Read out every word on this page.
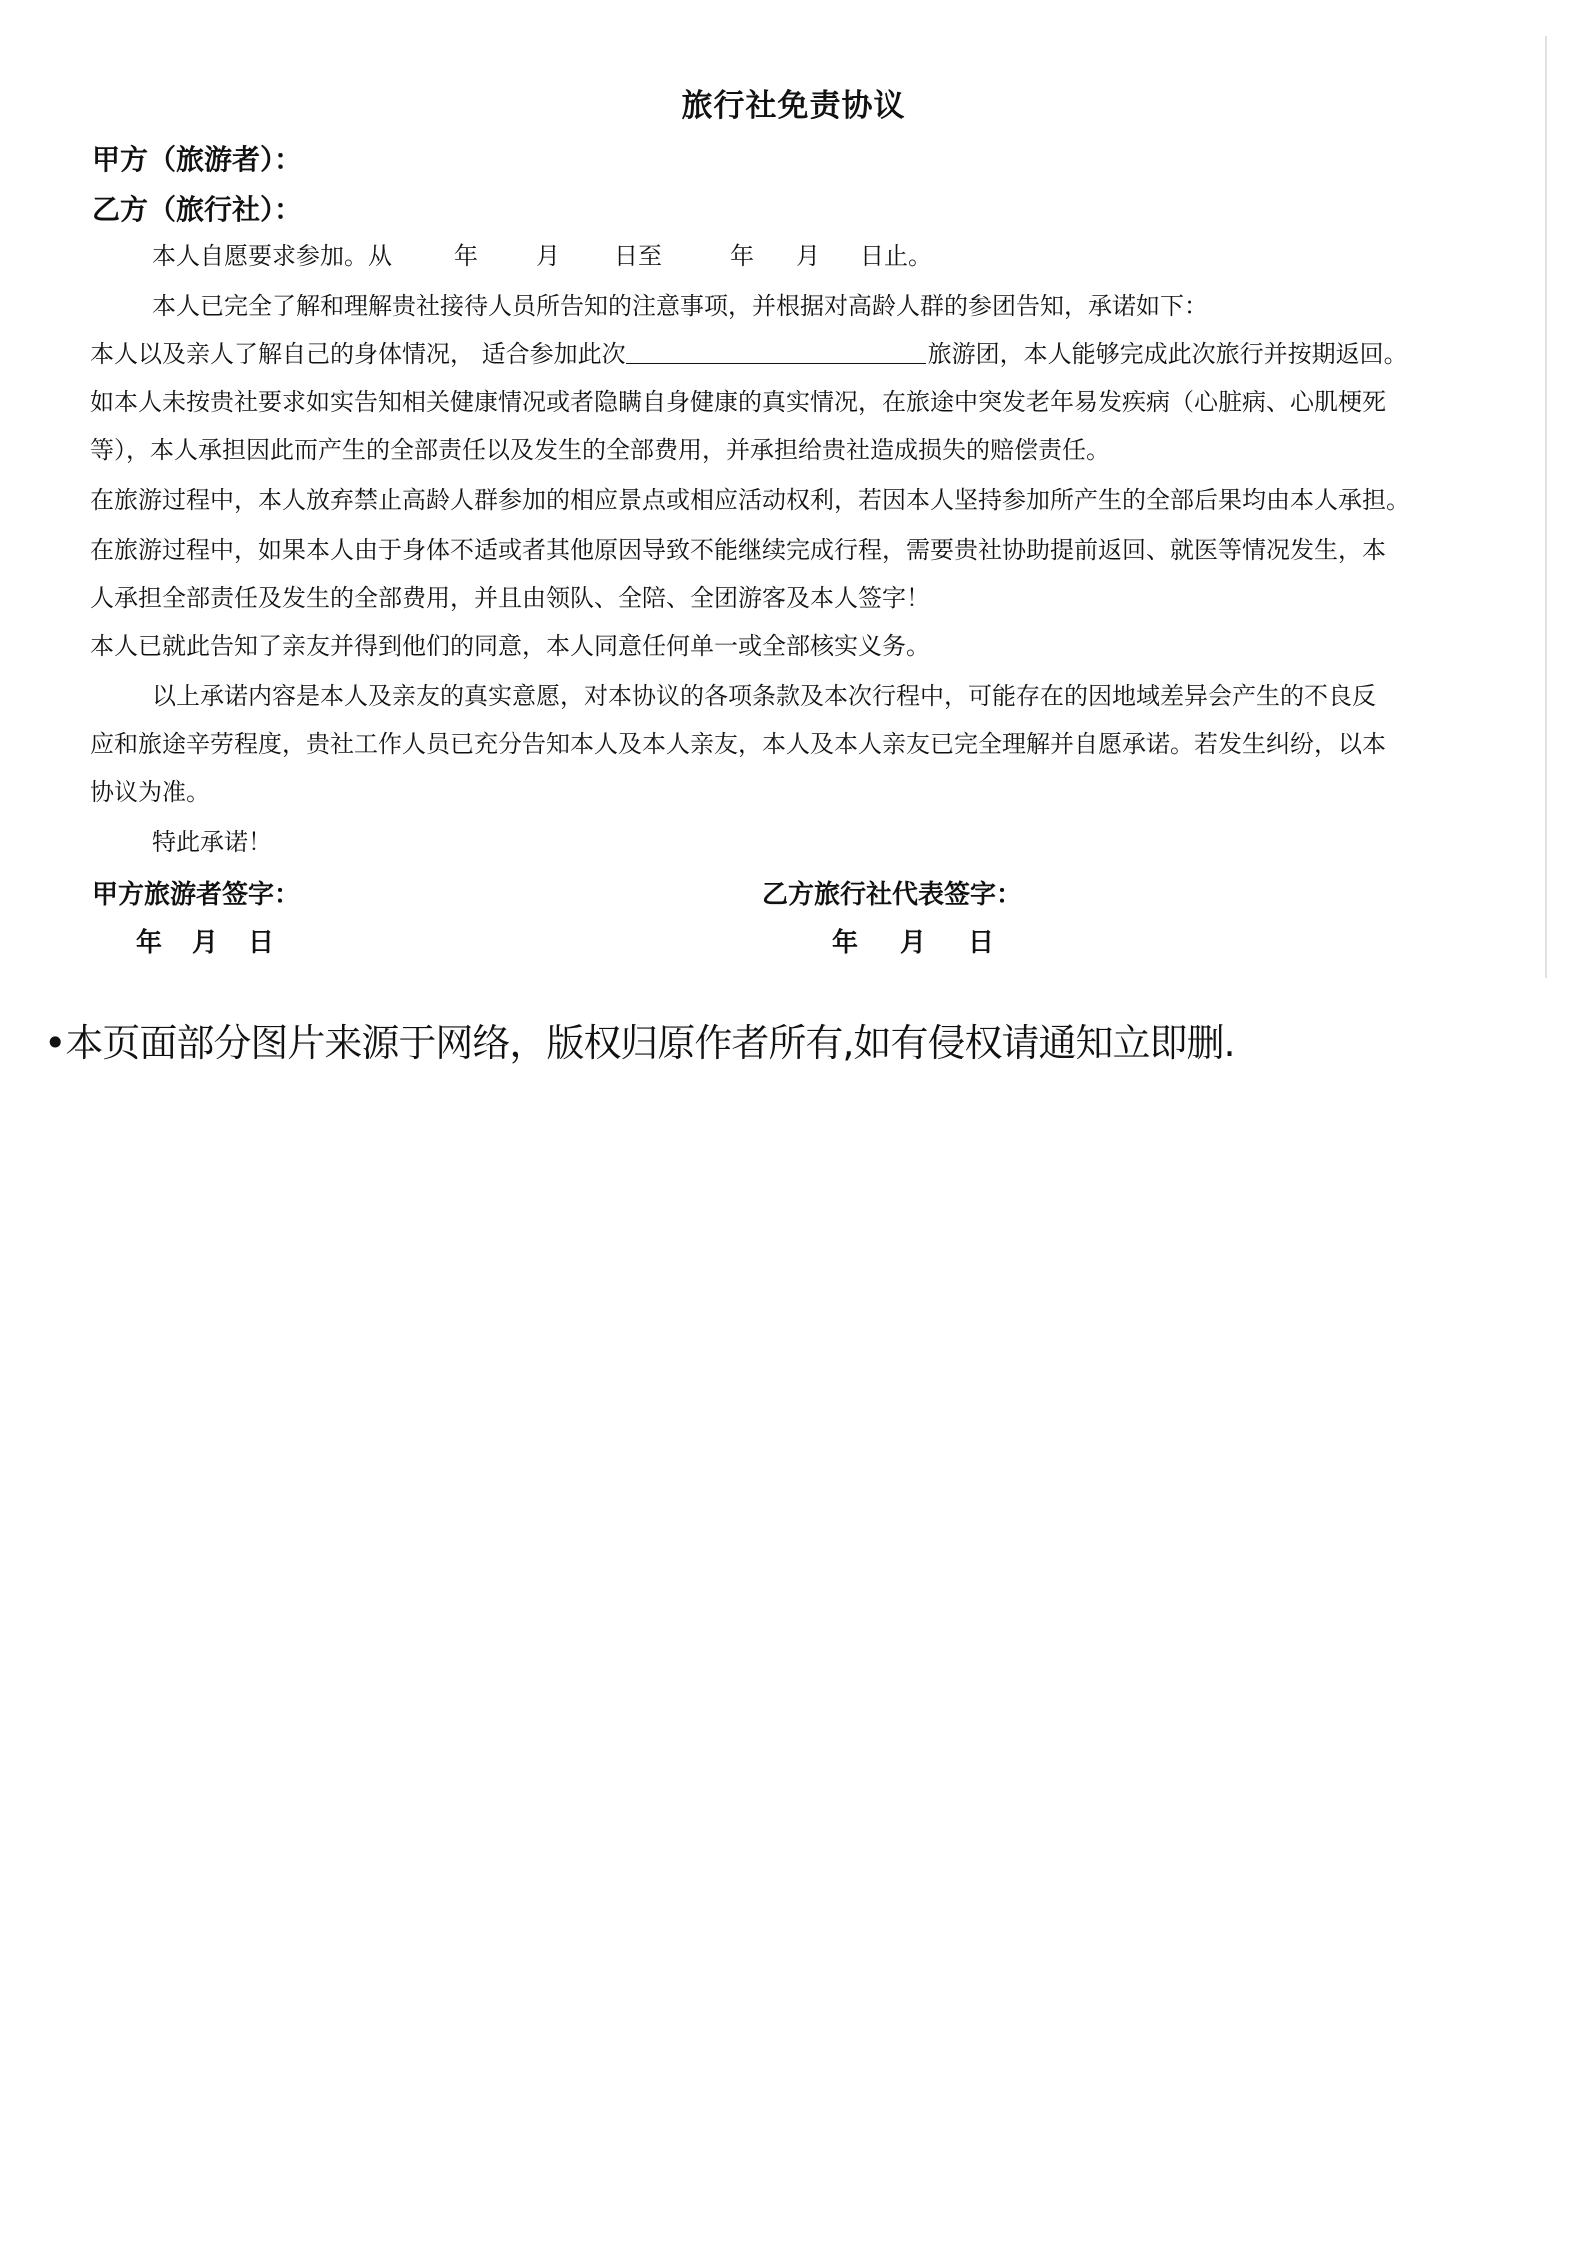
旅行社免责协议
甲方（旅游者）：
乙方（旅行社）：
本人自愿要求参加。从	年 月 日至	年 月 日止。
本人已完全了解和理解贵社接待人员所告知的注意事项，并根据对高龄人群的参团告知，承诺如下：
本人以及亲人了解自己的身体情况， 适合参加此次	旅游团，本人能够完成此次旅行并按期返回。
如本人未按贵社要求如实告知相关健康情况或者隐瞒自身健康的真实情况，在旅途中突发老年易发疾病（心脏病、心肌梗死
等），本人承担因此而产生的全部责任以及发生的全部费用，并承担给贵社造成损失的赔偿责任。
在旅游过程中，本人放弃禁止高龄人群参加的相应景点或相应活动权利，若因本人坚持参加所产生的全部后果均由本人承担。
在旅游过程中，如果本人由于身体不适或者其他原因导致不能继续完成行程，需要贵社协助提前返回、就医等情况发生，本
人承担全部责任及发生的全部费用，并且由领队、全陪、全团游客及本人签字！
本人已就此告知了亲友并得到他们的同意，本人同意任何单一或全部核实义务。
以上承诺内容是本人及亲友的真实意愿，对本协议的各项条款及本次行程中，可能存在的因地域差异会产生的不良反
应和旅途辛劳程度，贵社工作人员已充分告知本人及本人亲友，本人及本人亲友已完全理解并自愿承诺。若发生纠纷，以本
协议为准。
特此承诺！
甲方旅游者签字：	乙方旅行社代表签字：
年 月 日	年 月 日
•本页面部分图片来源于网络，版权归原作者所有,如有侵权请通知立即删.
